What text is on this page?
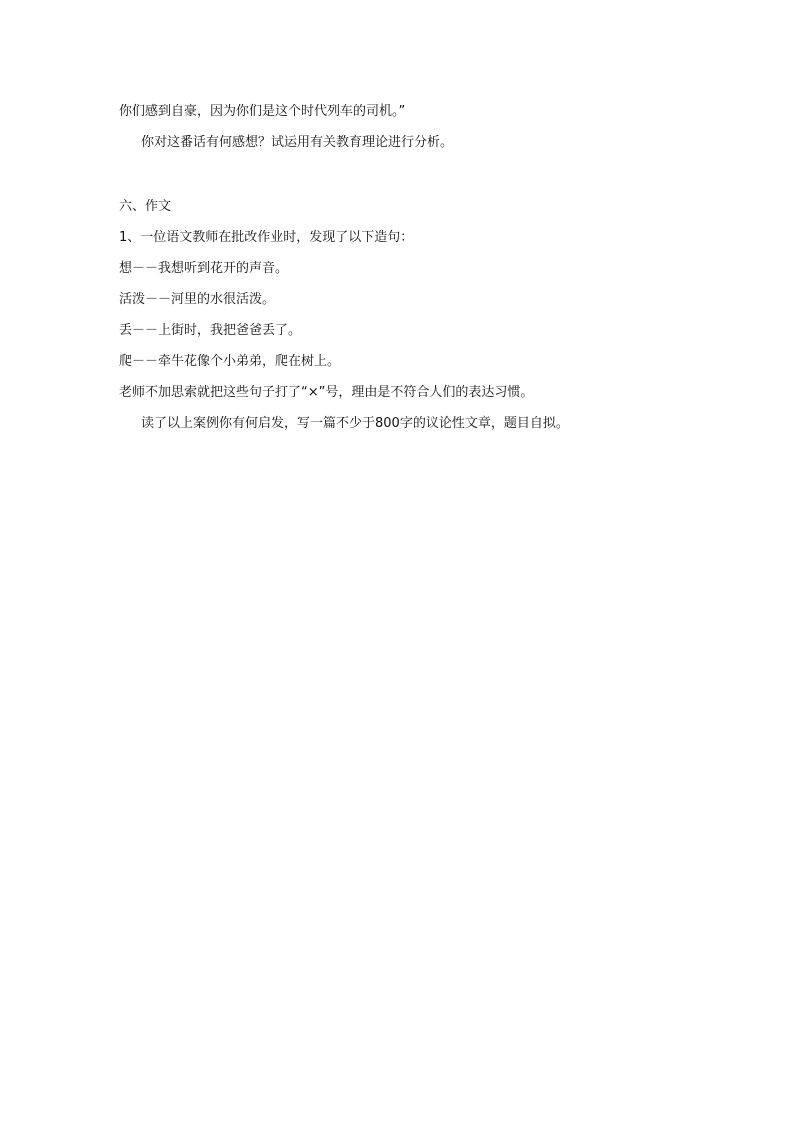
你们感到自豪，因为你们是这个时代列车的司机。”
你对这番话有何感想？试运用有关教育理论进行分析。
六、作文
1、一位语文教师在批改作业时，发现了以下造句：
想－－我想听到花开的声音。
活泼－－河里的水很活泼。
丢－－上街时，我把爸爸丢了。
爬－－牵牛花像个小弟弟，爬在树上。
老师不加思索就把这些句子打了“×”号，理由是不符合人们的表达习惯。
读了以上案例你有何启发，写一篇不少于800字的议论性文章，题目自拟。
